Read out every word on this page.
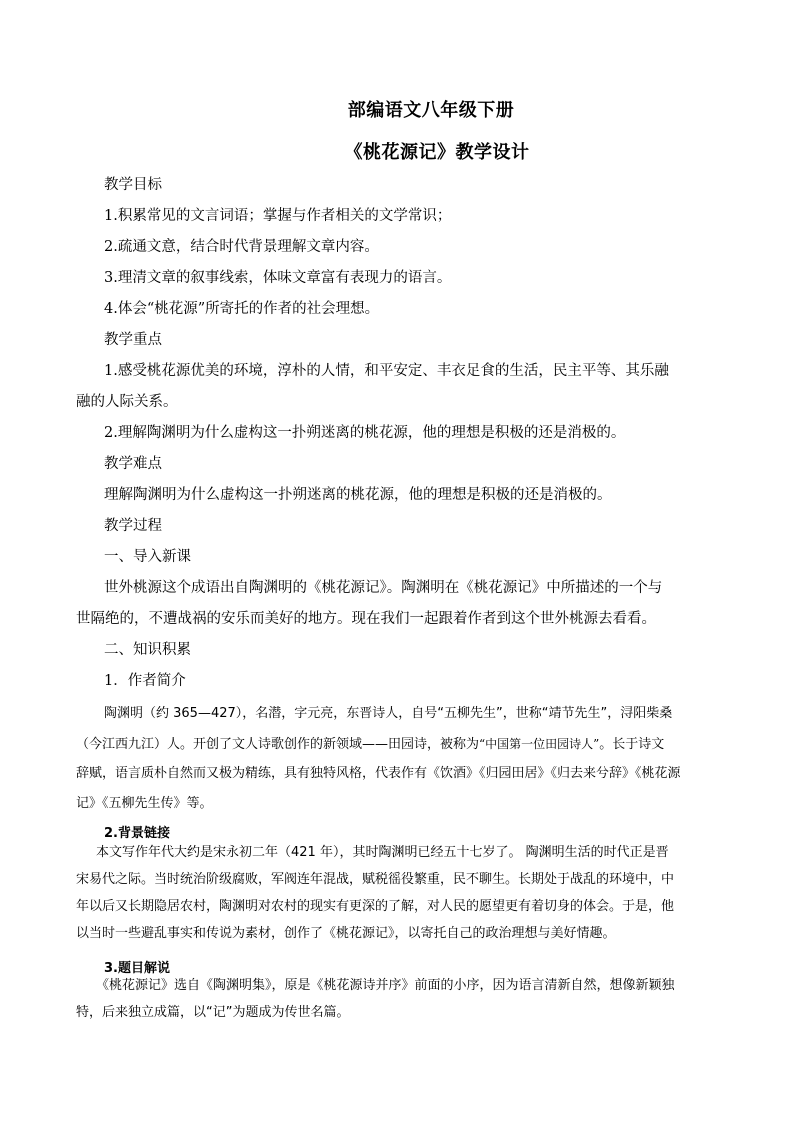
部编语文八年级下册
《桃花源记》教学设计
教学目标
1.积累常见的文言词语；掌握与作者相关的文学常识；
2.疏通文意，结合时代背景理解文章内容。
3.理清文章的叙事线索，体味文章富有表现力的语言。
4.体会“桃花源”所寄托的作者的社会理想。
教学重点
1.感受桃花源优美的环境，淳朴的人情，和平安定、丰衣足食的生活，民主平等、其乐融
融的人际关系。
2.理解陶渊明为什么虚构这一扑朔迷离的桃花源，他的理想是积极的还是消极的。
教学难点
理解陶渊明为什么虚构这一扑朔迷离的桃花源，他的理想是积极的还是消极的。
教学过程
一、导入新课
世外桃源这个成语出自陶渊明的《桃花源记》。陶渊明在《桃花源记》中所描述的一个与
世隔绝的，不遭战祸的安乐而美好的地方。现在我们一起跟着作者到这个世外桃源去看看。
二、知识积累
1．作者简介
陶渊明（约 365—427），名潜，字元亮，东晋诗人，自号“五柳先生”，世称“靖节先生”，浔阳柴桑
（今江西九江）人。开创了文人诗歌创作的新领域——田园诗，被称为“中国第一位田园诗人”。长于诗文
辞赋，语言质朴自然而又极为精练，具有独特风格，代表作有《饮酒》《归园田居》《归去来兮辞》《桃花源
记》《五柳先生传》等。
2.背景链接
本文写作年代大约是宋永初二年（421 年），其时陶渊明已经五十七岁了。 陶渊明生活的时代正是晋
宋易代之际。当时统治阶级腐败，军阀连年混战，赋税徭役繁重，民不聊生。长期处于战乱的环境中，中
年以后又长期隐居农村，陶渊明对农村的现实有更深的了解，对人民的愿望更有着切身的体会。于是，他
以当时一些避乱事实和传说为素材，创作了《桃花源记》，以寄托自己的政治理想与美好情趣。
3.题目解说
《桃花源记》选自《陶渊明集》，原是《桃花源诗并序》前面的小序，因为语言清新自然，想像新颖独
特，后来独立成篇，以“记”为题成为传世名篇。
